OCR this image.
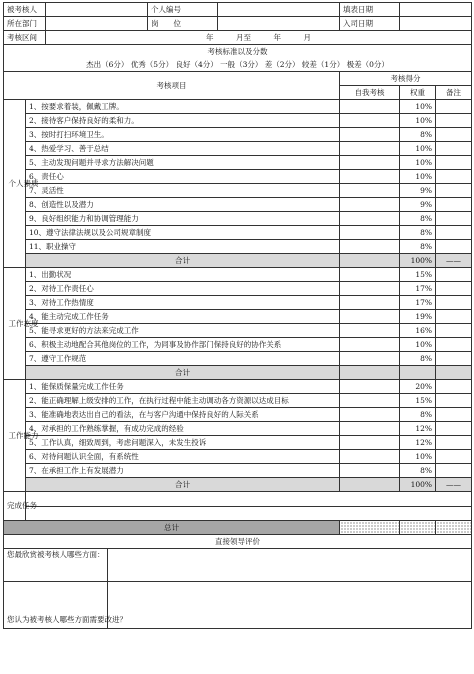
被考核人				个人编号		填表日期		
所在部门				岗　　位		入司日期		
考核区间		年　　　月至　　　年　　　月						
考核标准以及分数								
杰出（6分） 优秀（5分） 良好（4分） 一般（3分） 差（2分） 较差（1分） 极差（0分）								
考核项目						考核得分		
						自我考核	权重	备注

个人素质	1、按要求着装，佩戴工牌。						10%	
	2、接待客户保持良好的柔和力。						10%	
	3、按时打扫环境卫生。						8%	
	4、热爱学习、善于总结						10%	
	5、主动发现问题并寻求方法解决问题						10%	
	6、责任心						10%	
	7、灵活性						9%	
	8、创造性以及潜力						9%	
	9、良好组织能力和协调管理能力						8%	
	10、遵守法律法规以及公司规章制度						8%	
	11、职业操守						8%	
	合计						100%	——

工作态度	1、出勤状况						15%	
	2、对待工作责任心						17%	
	3、对待工作热情度						17%	
	4、能主动完成工作任务						19%	
	5、能寻求更好的方法来完成工作						16%	
	6、积极主动地配合其他岗位的工作，为同事及协作部门保持良好的协作关系						10%	
	7、遵守工作规范						8%	
	合计							

工作能力	1、能保质保量完成工作任务						20%	
	2、能正确理解上级安排的工作，在执行过程中能主动调动各方资源以达成目标						15%	
	3、能准确地表达出自己的看法，在与客户沟通中保持良好的人际关系						8%	
	4、对承担的工作熟练掌握，有成功完成的经验						12%	
	5、工作认真，细致周到，考虑问题深入，未发生投诉						12%	
	6、对待问题认识全面，有系统性						10%	
	7、在承担工作上有发展潜力						8%	
	合计						100%	——
完成任务								

总计								
直接领导评价								
您最欣赏被考核人哪些方面：								
您认为被考核人哪些方面需要改进？								
